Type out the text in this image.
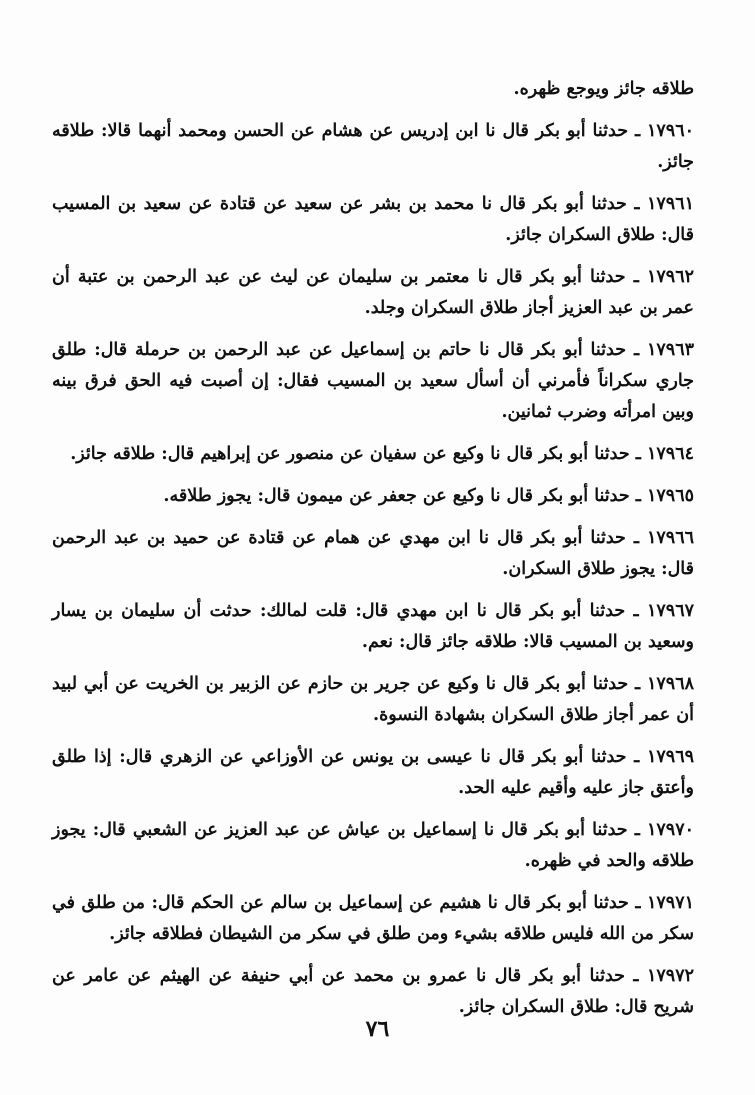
طلاقه جائز ويوجع ظهره.

١٧٩٦٠ ـ حدثنا أبو بكر قال نا ابن إدريس عن هشام عن الحسن ومحمد أنهما قالا: طلاقه جائز.

١٧٩٦١ ـ حدثنا أبو بكر قال نا محمد بن بشر عن سعيد عن قتادة عن سعيد بن المسيب قال: طلاق السكران جائز.

١٧٩٦٢ ـ حدثنا أبو بكر قال نا معتمر بن سليمان عن ليث عن عبد الرحمن بن عتبة أن عمر بن عبد العزيز أجاز طلاق السكران وجلد.

١٧٩٦٣ ـ حدثنا أبو بكر قال نا حاتم بن إسماعيل عن عبد الرحمن بن حرملة قال: طلق جاري سكراناً فأمرني أن أسأل سعيد بن المسيب فقال: إن أصبت فيه الحق فرق بينه وبين امرأته وضرب ثمانين.

١٧٩٦٤ ـ حدثنا أبو بكر قال نا وكيع عن سفيان عن منصور عن إبراهيم قال: طلاقه جائز.

١٧٩٦٥ ـ حدثنا أبو بكر قال نا وكيع عن جعفر عن ميمون قال: يجوز طلاقه.

١٧٩٦٦ ـ حدثنا أبو بكر قال نا ابن مهدي عن همام عن قتادة عن حميد بن عبد الرحمن قال: يجوز طلاق السكران.

١٧٩٦٧ ـ حدثنا أبو بكر قال نا ابن مهدي قال: قلت لمالك: حدثت أن سليمان بن يسار وسعيد بن المسيب قالا: طلاقه جائز قال: نعم.

١٧٩٦٨ ـ حدثنا أبو بكر قال نا وكيع عن جرير بن حازم عن الزبير بن الخريت عن أبي لبيد أن عمر أجاز طلاق السكران بشهادة النسوة.

١٧٩٦٩ ـ حدثنا أبو بكر قال نا عيسى بن يونس عن الأوزاعي عن الزهري قال: إذا طلق وأعتق جاز عليه وأقيم عليه الحد.

١٧٩٧٠ ـ حدثنا أبو بكر قال نا إسماعيل بن عياش عن عبد العزيز عن الشعبي قال: يجوز طلاقه والحد في ظهره.

١٧٩٧١ ـ حدثنا أبو بكر قال نا هشيم عن إسماعيل بن سالم عن الحكم قال: من طلق في سكر من الله فليس طلاقه بشيء ومن طلق في سكر من الشيطان فطلاقه جائز.

١٧٩٧٢ ـ حدثنا أبو بكر قال نا عمرو بن محمد عن أبي حنيفة عن الهيثم عن عامر عن شريح قال: طلاق السكران جائز.

٧٦
